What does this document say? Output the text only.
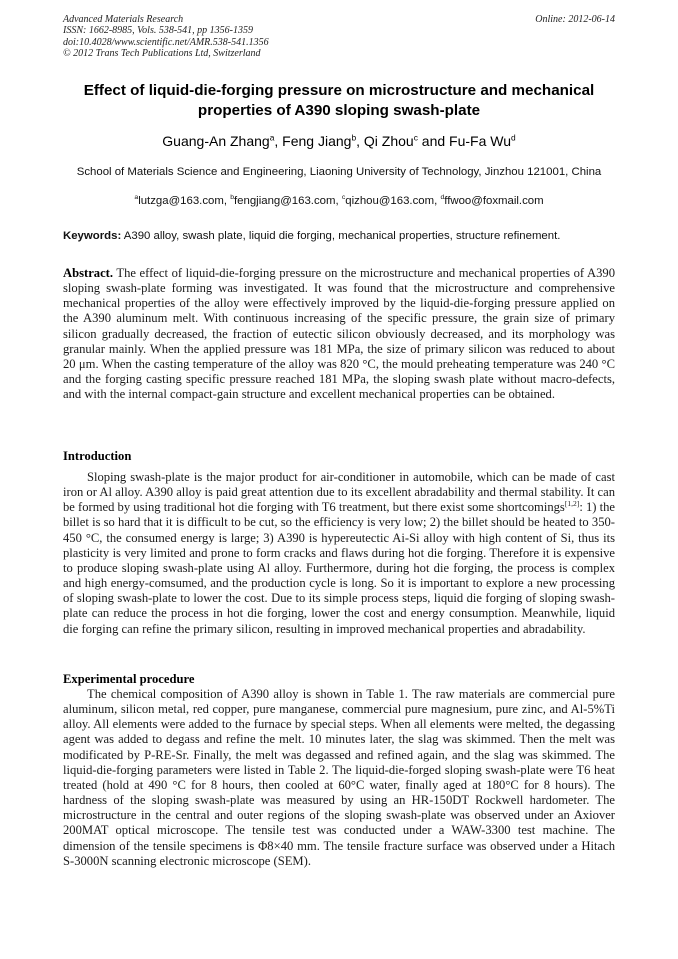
Advanced Materials Research
ISSN: 1662-8985, Vols. 538-541, pp 1356-1359
doi:10.4028/www.scientific.net/AMR.538-541.1356
© 2012 Trans Tech Publications Ltd, Switzerland
Online: 2012-06-14
Effect of liquid-die-forging pressure on microstructure and mechanical properties of A390 sloping swash-plate
Guang-An Zhang$^a$, Feng Jiang$^b$, Qi Zhou$^c$ and Fu-Fa Wu$^d$
School of Materials Science and Engineering, Liaoning University of Technology, Jinzhou 121001, China
$^a$lutzga@163.com, $^b$fengjiang@163.com, $^c$qizhou@163.com, $^d$ffwoo@foxmail.com
Keywords: A390 alloy, swash plate, liquid die forging, mechanical properties, structure refinement.

Abstract. The effect of liquid-die-forging pressure on the microstructure and mechanical properties of A390 sloping swash-plate forming was investigated. It was found that the microstructure and comprehensive mechanical properties of the alloy were effectively improved by the liquid-die-forging pressure applied on the A390 aluminum melt. With continuous increasing of the specific pressure, the grain size of primary silicon gradually decreased, the fraction of eutectic silicon obviously decreased, and its morphology was granular mainly. When the applied pressure was 181 MPa, the size of primary silicon was reduced to about 20 μm. When the casting temperature of the alloy was 820 °C, the mould preheating temperature was 240 °C and the forging casting specific pressure reached 181 MPa, the sloping swash plate without macro-defects, and with the internal compact-gain structure and excellent mechanical properties can be obtained.

Introduction

Sloping swash-plate is the major product for air-conditioner in automobile, which can be made of cast iron or Al alloy. A390 alloy is paid great attention due to its excellent abradability and thermal stability. It can be formed by using traditional hot die forging with T6 treatment, but there exist some shortcomings[1,2]: 1) the billet is so hard that it is difficult to be cut, so the efficiency is very low; 2) the billet should be heated to 350-450 °C, the consumed energy is large; 3) A390 is hypereutectic Ai-Si alloy with high content of Si, thus its plasticity is very limited and prone to form cracks and flaws during hot die forging. Therefore it is expensive to produce sloping swash-plate using Al alloy. Furthermore, during hot die forging, the process is complex and high energy-comsumed, and the production cycle is long. So it is important to explore a new processing of sloping swash-plate to lower the cost. Due to its simple process steps, liquid die forging of sloping swash-plate can reduce the process in hot die forging, lower the cost and energy consumption. Meanwhile, liquid die forging can refine the primary silicon, resulting in improved mechanical properties and abradability.

Experimental procedure

The chemical composition of A390 alloy is shown in Table 1. The raw materials are commercial pure aluminum, silicon metal, red copper, pure manganese, commercial pure magnesium, pure zinc, and Al-5%Ti alloy. All elements were added to the furnace by special steps. When all elements were melted, the degassing agent was added to degass and refine the melt. 10 minutes later, the slag was skimmed. Then the melt was modificated by P-RE-Sr. Finally, the melt was degassed and refined again, and the slag was skimmed. The liquid-die-forging parameters were listed in Table 2. The liquid-die-forged sloping swash-plate were T6 heat treated (hold at 490 °C for 8 hours, then cooled at 60°C water, finally aged at 180°C for 8 hours). The hardness of the sloping swash-plate was measured by using an HR-150DT Rockwell hardometer. The microstructure in the central and outer regions of the sloping swash-plate was observed under an Axiover 200MAT optical microscope. The tensile test was conducted under a WAW-3300 test machine. The dimension of the tensile specimens is Φ8×40 mm. The tensile fracture surface was observed under a Hitach S-3000N scanning electronic microscope (SEM).
